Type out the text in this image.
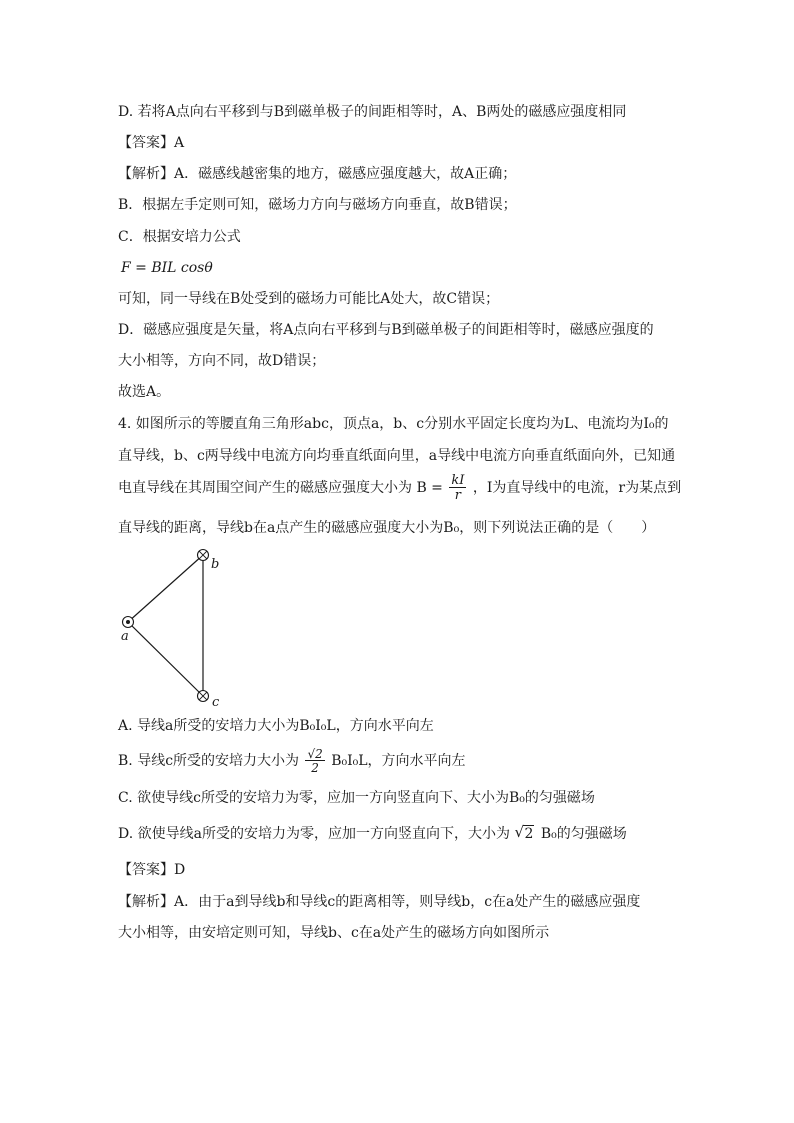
D. 若将A点向右平移到与B到磁单极子的间距相等时，A、B两处的磁感应强度相同
【答案】A
【解析】A．磁感线越密集的地方，磁感应强度越大，故A正确；
B．根据左手定则可知，磁场力方向与磁场方向垂直，故B错误；
C．根据安培力公式
F = BIL cosθ
可知，同一导线在B处受到的磁场力可能比A处大，故C错误；
D．磁感应强度是矢量，将A点向右平移到与B到磁单极子的间距相等时，磁感应强度的
大小相等，方向不同，故D错误；
故选A。
4. 如图所示的等腰直角三角形abc，顶点a，b、c分别水平固定长度均为L、电流均为I₀的
直导线，b、c两导线中电流方向均垂直纸面向里，a导线中电流方向垂直纸面向外，已知通
电直导线在其周围空间产生的磁感应强度大小为 $B = \frac{kI}{r}$ ，I为直导线中的电流，r为某点到
直导线的距离，导线b在a点产生的磁感应强度大小为B₀，则下列说法正确的是（　　）
a
b
c
A. 导线a所受的安培力大小为B₀I₀L，方向水平向左
B. 导线c所受的安培力大小为 $\frac{√2}{2} B_0I_0L$，方向水平向左
C. 欲使导线c所受的安培力为零，应加一方向竖直向下、大小为B₀的匀强磁场
D. 欲使导线a所受的安培力为零，应加一方向竖直向下，大小为 √ 2 B₀的匀强磁场
【答案】D
【解析】A．由于a到导线b和导线c的距离相等，则导线b，c在a处产生的磁感应强度
大小相等，由安培定则可知，导线b、c在a处产生的磁场方向如图所示
